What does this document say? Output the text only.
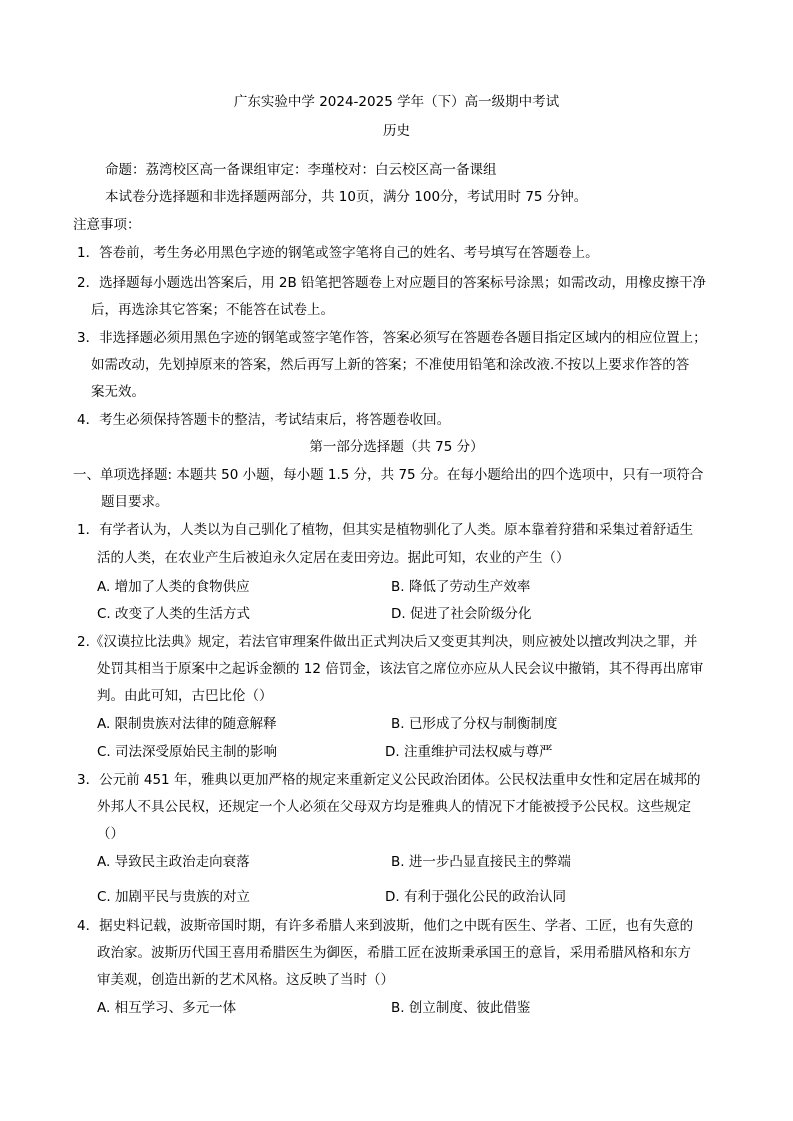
广东实验中学 2024-2025 学年（下）高一级期中考试
历史
命题：荔湾校区高一备课组审定：李瑾校对：白云校区高一备课组
本试卷分选择题和非选择题两部分，共 10页，满分 100分，考试用时 75 分钟。
注意事项：
1．答卷前，考生务必用黑色字迹的钢笔或签字笔将自己的姓名、考号填写在答题卷上。
2．选择题每小题选出答案后，用 2B 铅笔把答题卷上对应题目的答案标号涂黑；如需改动，用橡皮擦干净
后，再选涂其它答案；不能答在试卷上。
3．非选择题必须用黑色字迹的钢笔或签字笔作答，答案必须写在答题卷各题目指定区域内的相应位置上；
如需改动，先划掉原来的答案，然后再写上新的答案；不准使用铅笔和涂改液.不按以上要求作答的答
案无效。
4．考生必须保持答题卡的整洁，考试结束后，将答题卷收回。
第一部分选择题（共 75 分）
一、单项选择题: 本题共 50 小题，每小题 1.5 分，共 75 分。在每小题给出的四个选项中，只有一项符合
题目要求。
1．有学者认为，人类以为自己驯化了植物，但其实是植物驯化了人类。原本靠着狩猎和采集过着舒适生
活的人类，在农业产生后被迫永久定居在麦田旁边。据此可知，农业的产生（）
A. 增加了人类的食物供应	B. 降低了劳动生产效率
C. 改变了人类的生活方式	D. 促进了社会阶级分化
2.《汉谟拉比法典》规定，若法官审理案件做出正式判决后又变更其判决，则应被处以擅改判决之罪，并
处罚其相当于原案中之起诉金额的 12 倍罚金，该法官之席位亦应从人民会议中撤销，其不得再出席审
判。由此可知，古巴比伦（）
A. 限制贵族对法律的随意解释	B. 已形成了分权与制衡制度
C. 司法深受原始民主制的影响	D. 注重维护司法权威与尊严
3．公元前 451 年，雅典以更加严格的规定来重新定义公民政治团体。公民权法重申女性和定居在城邦的
外邦人不具公民权，还规定一个人必须在父母双方均是雅典人的情况下才能被授予公民权。这些规定
（）
A. 导致民主政治走向衰落	B. 进一步凸显直接民主的弊端
C. 加剧平民与贵族的对立	D. 有利于强化公民的政治认同
4．据史料记载，波斯帝国时期，有许多希腊人来到波斯，他们之中既有医生、学者、工匠，也有失意的
政治家。波斯历代国王喜用希腊医生为御医，希腊工匠在波斯秉承国王的意旨，采用希腊风格和东方
审美观，创造出新的艺术风格。这反映了当时（）
A. 相互学习、多元一体	B. 创立制度、彼此借鉴
